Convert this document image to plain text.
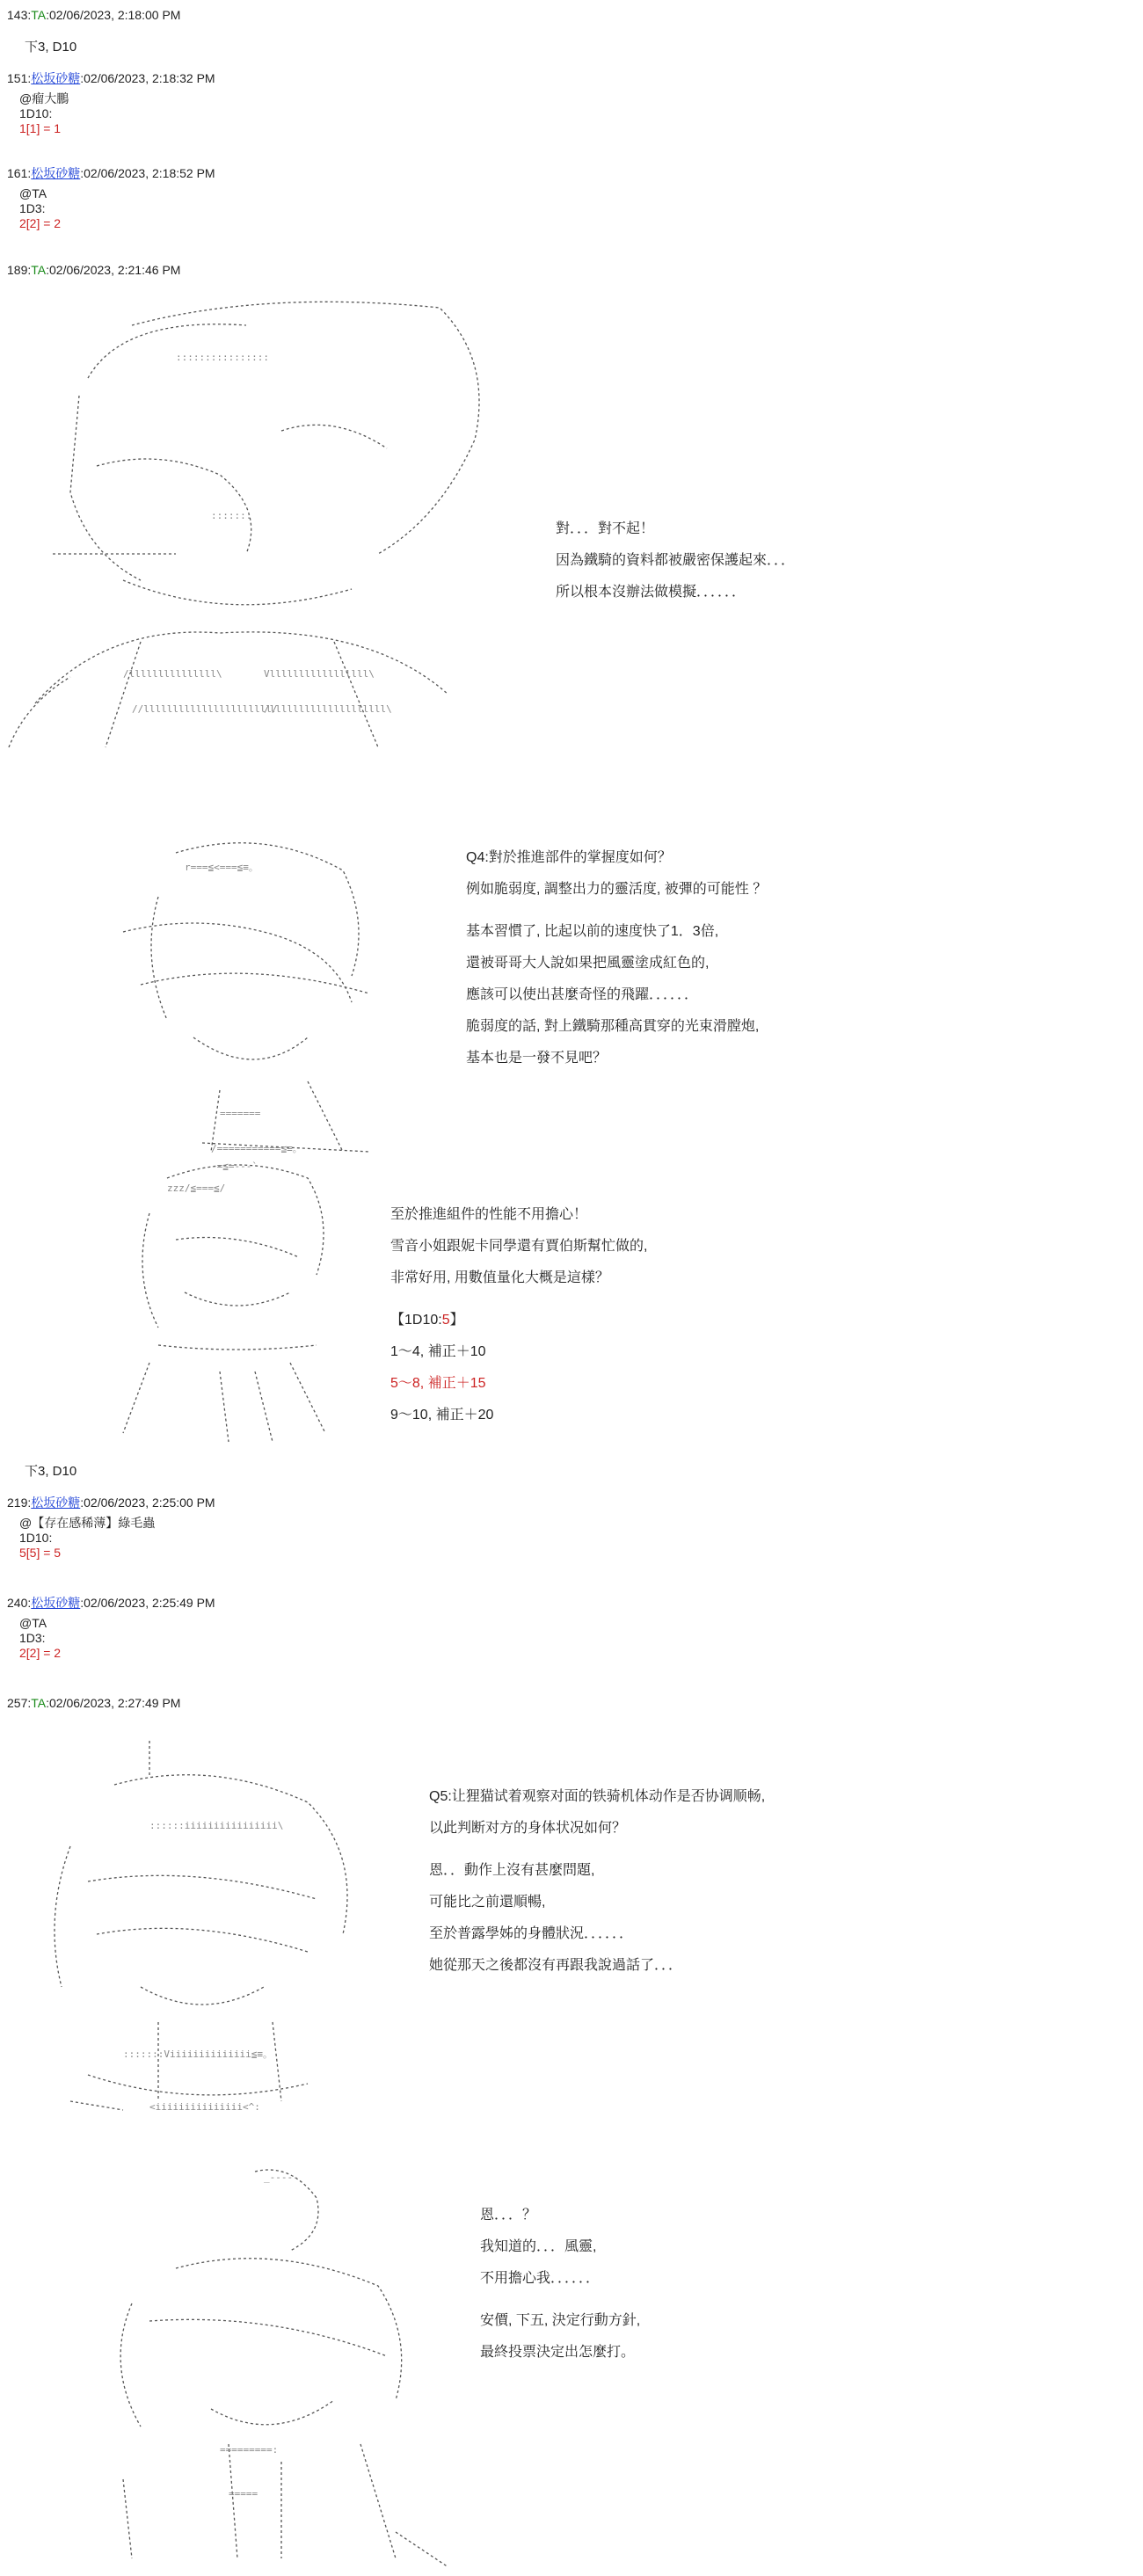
143:TA:02/06/2023, 2:18:00 PM
下3, D10
151:松坂砂糖:02/06/2023, 2:18:32 PM
@瘤大鵬
1D10:
1[1] = 1
161:松坂砂糖:02/06/2023, 2:18:52 PM
@TA
1D3:
2[2] = 2
189:TA:02/06/2023, 2:21:46 PM
//llllllllllllllllllllll/
/llllllllllllllllllll\
/lllllllllllllll\	Vlllllllllllllllll\
::::::::::::::::
:::::::
對．．．對不起！
因為鐵騎的資料都被嚴密保護起來．．．
所以根本沒辦法做模擬．．．．．．
r===≦<===≦≡。
=======
/===========≦≡。
Q4:對於推進部件的掌握度如何？
例如脆弱度, 調整出力的靈活度, 被彈的可能性 ？
基本習慣了, 比起以前的速度快了1．3倍,
還被哥哥大人說如果把風靈塗成紅色的,
應該可以使出甚麼奇怪的飛躍．．．．．．
脆弱度的話, 對上鐵騎那種高貫穿的光束滑膛炮,
基本也是一發不見吧？
-=≦=---`
zzz/≦===≦/
至於推進組件的性能不用擔心！
雪音小姐跟妮卡同學還有賈伯斯幫忙做的,
非常好用, 用數值量化大概是這樣？
【1D10:5】
1～4, 補正＋10
5～8, 補正＋15
9～10, 補正＋20
下3, D10
219:松坂砂糖:02/06/2023, 2:25:00 PM
@【存在感稀薄】綠毛蟲
1D10:
5[5] = 5
240:松坂砂糖:02/06/2023, 2:25:49 PM
@TA
1D3:
2[2] = 2
257:TA:02/06/2023, 2:27:49 PM
::::::iiiiiiiiiiiiiiii\
:::::::Viiiiiiiiiiiiii≦≡。
<iiiiiiiiiiiiiii<^:
Q5:让狸猫试着观察对面的铁骑机体动作是否协调顺畅,
以此判断对方的身体状况如何？
恩．．動作上沒有甚麼問題,
可能比之前還順暢,
至於普露學姊的身體狀況．．．．．．
她從那天之後都沒有再跟我說過話了．．．
_-----
=========:
=====
恩．．．？
我知道的．．．風靈,
不用擔心我．．．．．．
安價, 下五, 決定行動方針,
最終投票決定出怎麼打。
